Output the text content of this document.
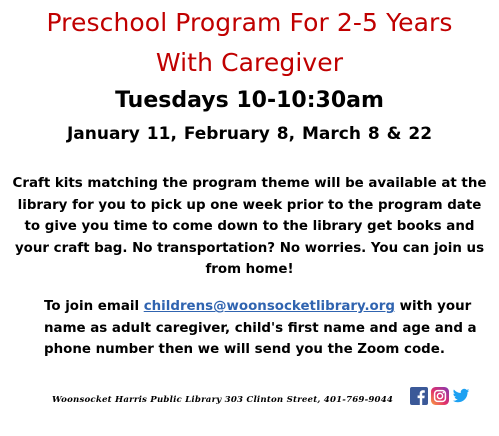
Preschool Program For 2-5 Years
With Caregiver
Tuesdays 10-10:30am
January 11, February 8, March 8 & 22
Craft kits matching the program theme will be available at the library for you to pick up one week prior to the program date to give you time to come down to the library get books and your craft bag. No transportation? No worries. You can join us from home!
To join email childrens@woonsocketlibrary.org with your name as adult caregiver, child's first name and age and a phone number then we will send you the Zoom code.
Woonsocket Harris Public Library 303 Clinton Street, 401-769-9044
